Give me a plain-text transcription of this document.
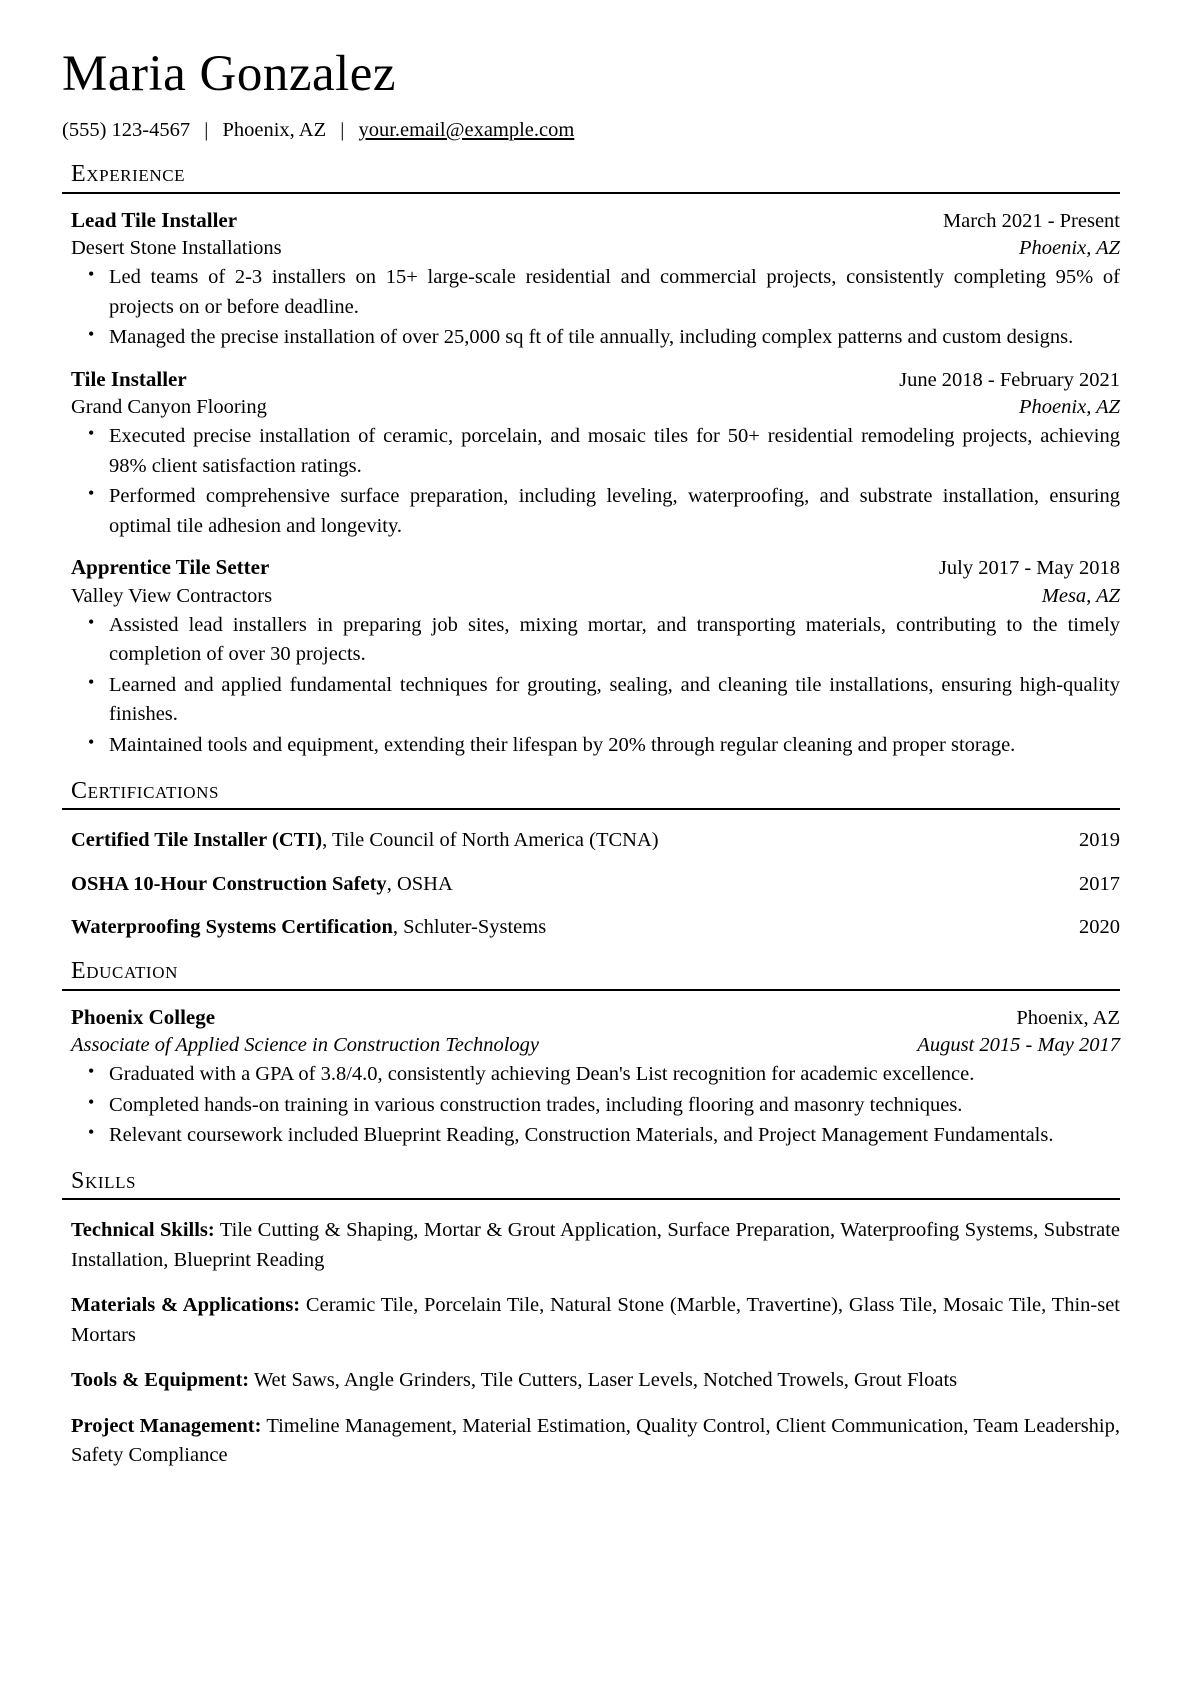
Maria Gonzalez
(555) 123-4567 | Phoenix, AZ | your.email@example.com
Experience
Lead Tile Installer	March 2021 - Present
Desert Stone Installations	Phoenix, AZ
• Led teams of 2-3 installers on 15+ large-scale residential and commercial projects, consistently completing 95% of projects on or before deadline.
• Managed the precise installation of over 25,000 sq ft of tile annually, including complex patterns and custom designs.
Tile Installer	June 2018 - February 2021
Grand Canyon Flooring	Phoenix, AZ
• Executed precise installation of ceramic, porcelain, and mosaic tiles for 50+ residential remodeling projects, achieving 98% client satisfaction ratings.
• Performed comprehensive surface preparation, including leveling, waterproofing, and substrate installation, ensuring optimal tile adhesion and longevity.
Apprentice Tile Setter	July 2017 - May 2018
Valley View Contractors	Mesa, AZ
• Assisted lead installers in preparing job sites, mixing mortar, and transporting materials, contributing to the timely completion of over 30 projects.
• Learned and applied fundamental techniques for grouting, sealing, and cleaning tile installations, ensuring high-quality finishes.
• Maintained tools and equipment, extending their lifespan by 20% through regular cleaning and proper storage.
Certifications
Certified Tile Installer (CTI), Tile Council of North America (TCNA)	2019
OSHA 10-Hour Construction Safety, OSHA	2017
Waterproofing Systems Certification, Schluter-Systems	2020
Education
Phoenix College	Phoenix, AZ
Associate of Applied Science in Construction Technology	August 2015 - May 2017
• Graduated with a GPA of 3.8/4.0, consistently achieving Dean's List recognition for academic excellence.
• Completed hands-on training in various construction trades, including flooring and masonry techniques.
• Relevant coursework included Blueprint Reading, Construction Materials, and Project Management Fundamentals.
Skills
Technical Skills: Tile Cutting & Shaping, Mortar & Grout Application, Surface Preparation, Waterproofing Systems, Substrate Installation, Blueprint Reading
Materials & Applications: Ceramic Tile, Porcelain Tile, Natural Stone (Marble, Travertine), Glass Tile, Mosaic Tile, Thin-set Mortars
Tools & Equipment: Wet Saws, Angle Grinders, Tile Cutters, Laser Levels, Notched Trowels, Grout Floats
Project Management: Timeline Management, Material Estimation, Quality Control, Client Communication, Team Leadership, Safety Compliance
